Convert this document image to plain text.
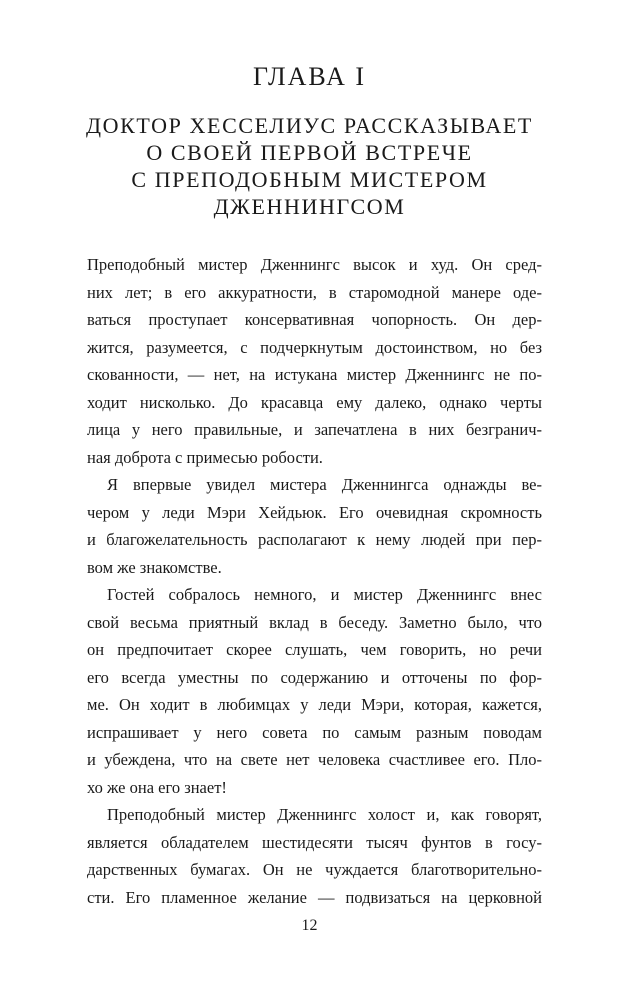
ГЛАВА I
ДОКТОР ХЕССЕЛИУС РАССКАЗЫВАЕТ
О СВОЕЙ ПЕРВОЙ ВСТРЕЧЕ
С ПРЕПОДОБНЫМ МИСТЕРОМ
ДЖЕННИНГСОМ
Преподобный мистер Дженнингс высок и худ. Он сред-
них лет; в его аккуратности, в старомодной манере оде-
ваться проступает консервативная чопорность. Он дер-
жится, разумеется, с подчеркнутым достоинством, но без
скованности, — нет, на истукана мистер Дженнингс не по-
ходит нисколько. До красавца ему далеко, однако черты
лица у него правильные, и запечатлена в них безгранич-
ная доброта с примесью робости.
Я впервые увидел мистера Дженнингса однажды ве-
чером у леди Мэри Хейдьюк. Его очевидная скромность
и благожелательность располагают к нему людей при пер-
вом же знакомстве.
Гостей собралось немного, и мистер Дженнингс внес
свой весьма приятный вклад в беседу. Заметно было, что
он предпочитает скорее слушать, чем говорить, но речи
его всегда уместны по содержанию и отточены по фор-
ме. Он ходит в любимцах у леди Мэри, которая, кажется,
испрашивает у него совета по самым разным поводам
и убеждена, что на свете нет человека счастливее его. Пло-
хо же она его знает!
Преподобный мистер Дженнингс холост и, как говорят,
является обладателем шестидесяти тысяч фунтов в госу-
дарственных бумагах. Он не чуждается благотворительно-
сти. Его пламенное желание — подвизаться на церковной
12
